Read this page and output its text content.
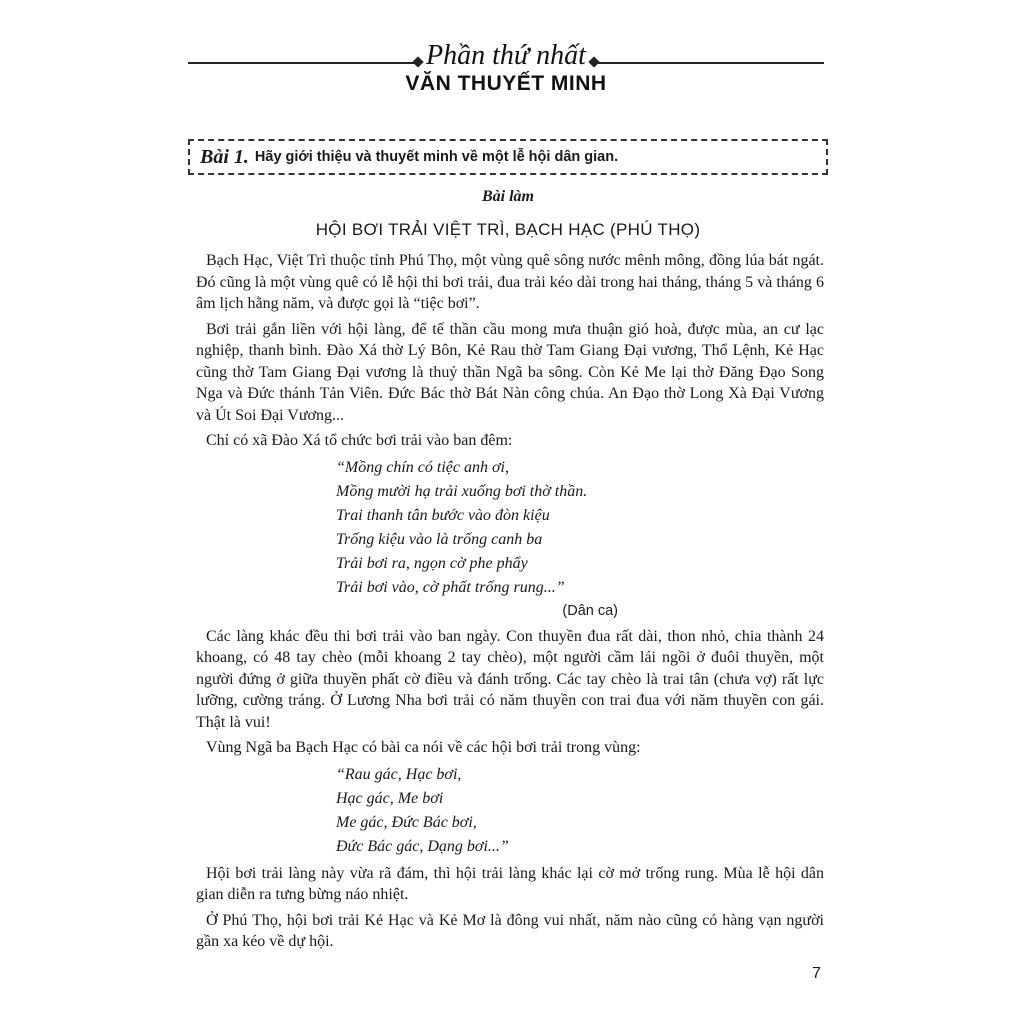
Phần thứ nhất
VĂN THUYẾT MINH
Bài 1. Hãy giới thiệu và thuyết minh về một lễ hội dân gian.
Bài làm
HỘI BƠI TRẢI VIỆT TRÌ, BẠCH HẠC (PHÚ THỌ)

Bạch Hạc, Việt Trì thuộc tỉnh Phú Thọ, một vùng quê sông nước mênh mông, đồng lúa bát ngát. Đó cũng là một vùng quê có lễ hội thi bơi trải, đua trải kéo dài trong hai tháng, tháng 5 và tháng 6 âm lịch hằng năm, và được gọi là “tiệc bơi”.

Bơi trải gắn liền với hội làng, để tế thần cầu mong mưa thuận gió hoà, được mùa, an cư lạc nghiệp, thanh bình. Đào Xá thờ Lý Bôn, Kẻ Rau thờ Tam Giang Đại vương, Thổ Lệnh, Kẻ Hạc cũng thờ Tam Giang Đại vương là thuỷ thần Ngã ba sông. Còn Kẻ Me lại thờ Đăng Đạo Song Nga và Đức thánh Tản Viên. Đức Bác thờ Bát Nàn công chúa. An Đạo thờ Long Xà Đại Vương và Út Soi Đại Vương...

Chỉ có xã Đào Xá tổ chức bơi trải vào ban đêm:

“Mồng chín có tiệc anh ơi,
Mồng mười hạ trải xuống bơi thờ thần.
Trai thanh tân bước vào đòn kiệu
Trống kiệu vào là trống canh ba
Trải bơi ra, ngọn cờ phe phẩy
Trải bơi vào, cờ phất trống rung...”
(Dân ca)

Các làng khác đều thi bơi trải vào ban ngày. Con thuyền đua rất dài, thon nhỏ, chia thành 24 khoang, có 48 tay chèo (mỗi khoang 2 tay chèo), một người cầm lái ngồi ở đuôi thuyền, một người đứng ở giữa thuyền phất cờ điều và đánh trống. Các tay chèo là trai tân (chưa vợ) rất lực lưỡng, cường tráng. Ở Lương Nha bơi trải có năm thuyền con trai đua với năm thuyền con gái. Thật là vui!

Vùng Ngã ba Bạch Hạc có bài ca nói về các hội bơi trải trong vùng:

“Rau gác, Hạc bơi,
Hạc gác, Me bơi
Me gác, Đức Bác bơi,
Đức Bác gác, Dạng bơi...”

Hội bơi trải làng này vừa rã đám, thì hội trải làng khác lại cờ mở trống rung. Mùa lễ hội dân gian diễn ra tưng bừng náo nhiệt.

Ở Phú Thọ, hội bơi trải Kẻ Hạc và Kẻ Mơ là đông vui nhất, năm nào cũng có hàng vạn người gần xa kéo về dự hội.

7
